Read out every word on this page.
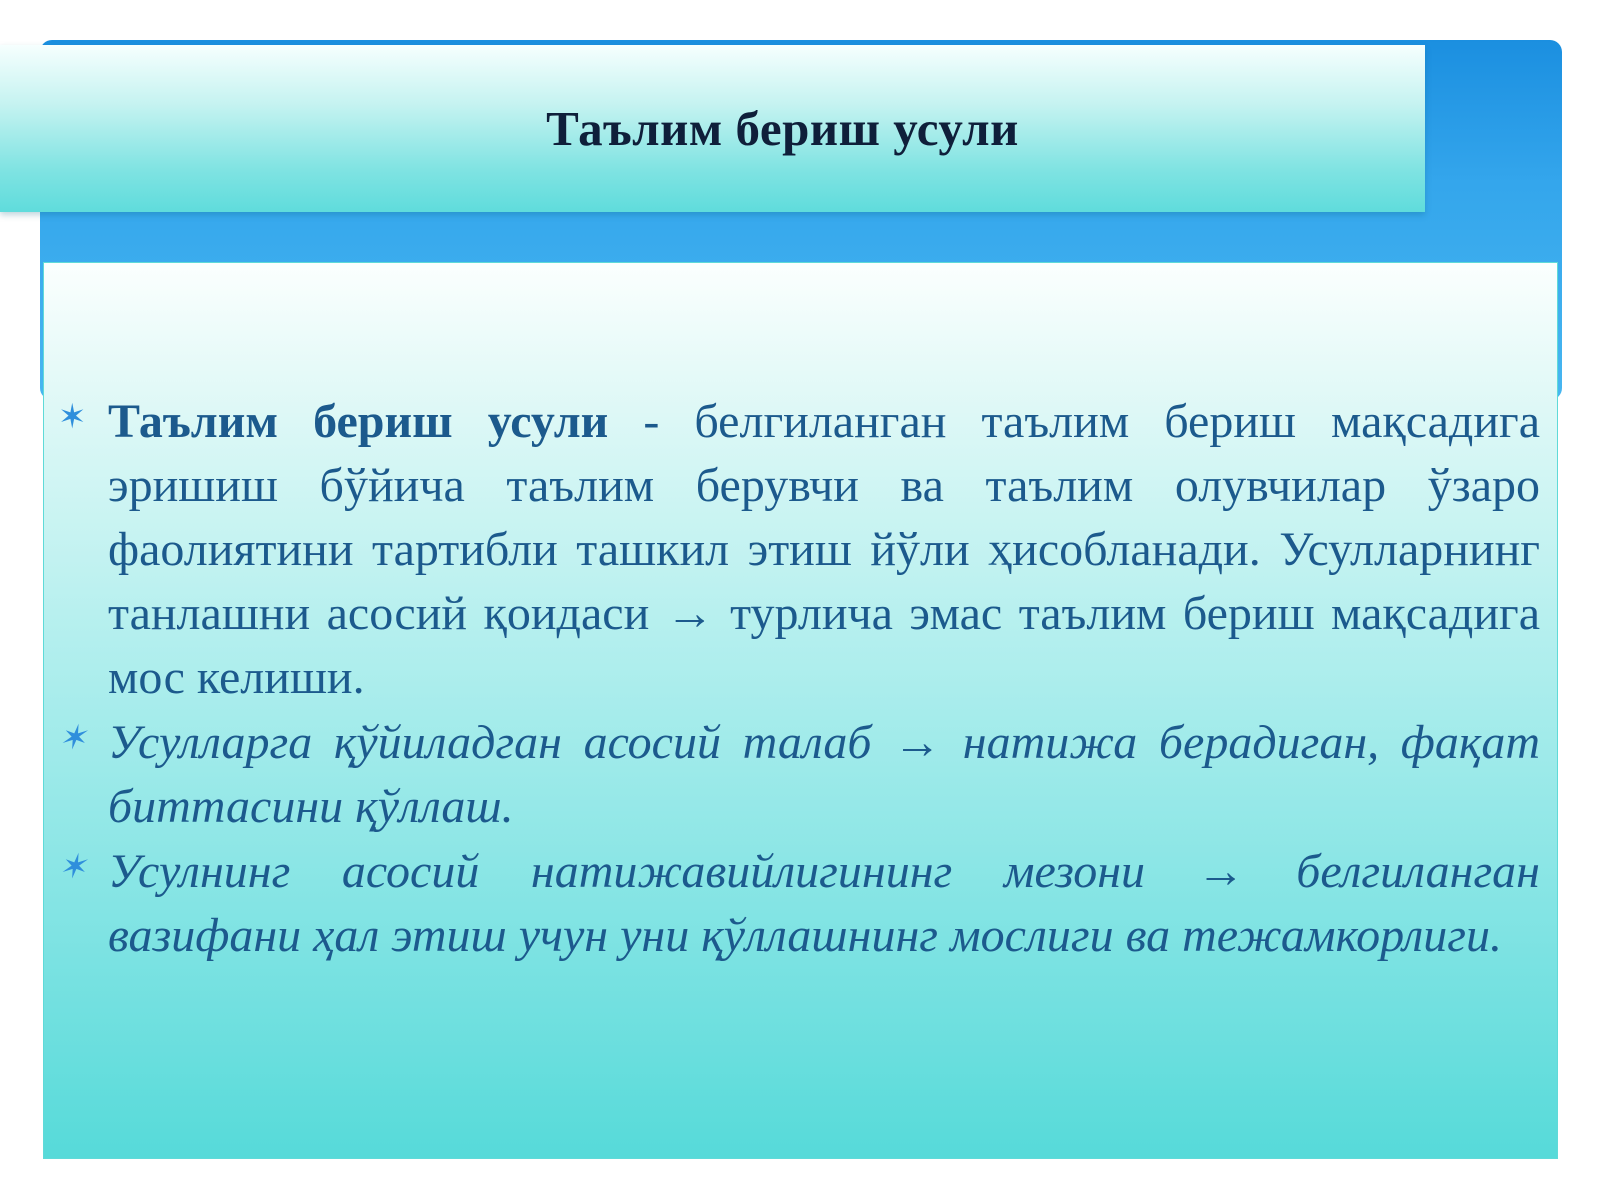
Таълим бериш усули
✶ Таълим бериш усули - белгиланган таълим бериш мақсадига эришиш бўйича таълим берувчи ва таълим олувчилар ўзаро фаолиятини тартибли ташкил этиш йўли ҳисобланади. Усулларнинг танлашни асосий қоидаси → турлича эмас таълим бериш мақсадига мос келиши.
✶ Усулларга қўйиладган асосий талаб → натижа берадиган, фақат биттасини қўллаш.
✶ Усулнинг асосий натижавийлигининг мезони → белгиланган вазифани ҳал этиш учун уни қўллашнинг мослиги ва тежамкорлиги.
